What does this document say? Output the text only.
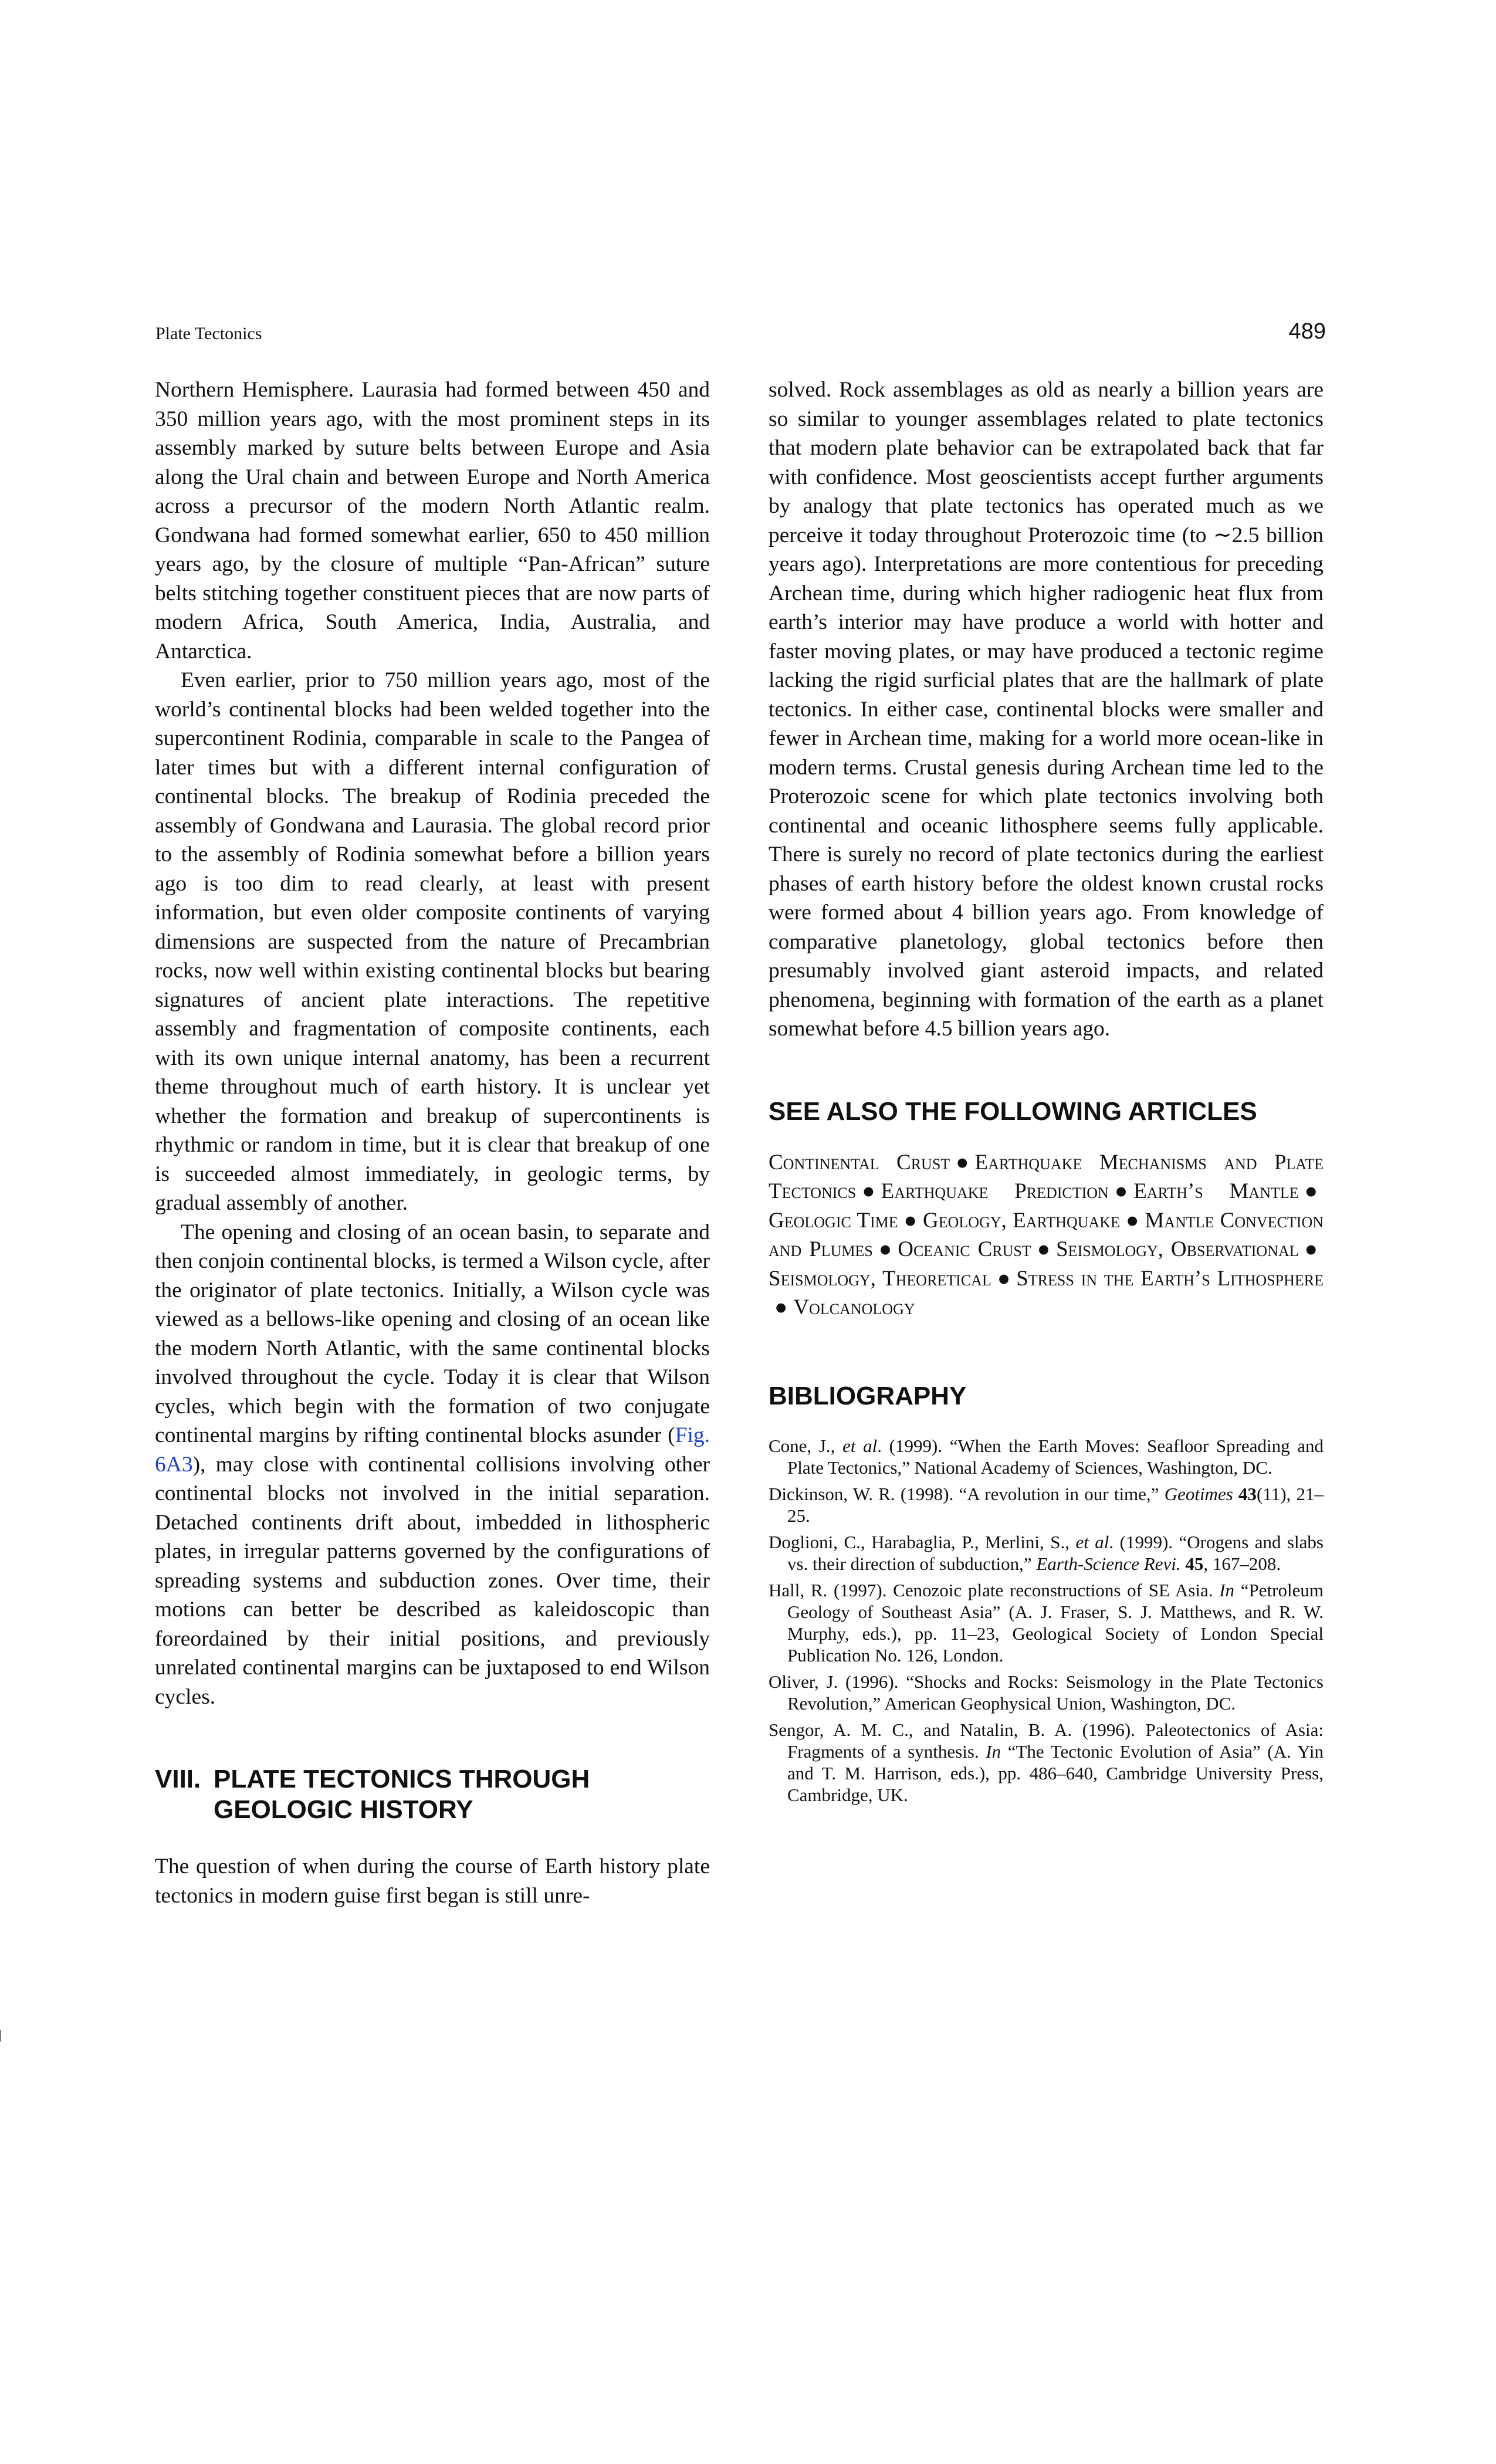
Plate Tectonics	489

Northern Hemisphere. Laurasia had formed between 450 and 350 million years ago, with the most prominent steps in its assembly marked by suture belts between Europe and Asia along the Ural chain and between Europe and North America across a precursor of the modern North Atlantic realm. Gondwana had formed somewhat earlier, 650 to 450 million years ago, by the closure of multiple “Pan-African” suture belts stitching together constituent pieces that are now parts of modern Africa, South America, India, Australia, and Antarctica.

Even earlier, prior to 750 million years ago, most of the world’s continental blocks had been welded together into the supercontinent Rodinia, comparable in scale to the Pangea of later times but with a different internal configuration of continental blocks. The breakup of Rodinia preceded the assembly of Gondwana and Laurasia. The global record prior to the assembly of Rodinia somewhat before a billion years ago is too dim to read clearly, at least with present information, but even older composite continents of varying dimensions are suspected from the nature of Precambrian rocks, now well within existing continental blocks but bearing signatures of ancient plate interactions. The repetitive assembly and fragmentation of composite continents, each with its own unique internal anatomy, has been a recurrent theme throughout much of earth history. It is unclear yet whether the formation and breakup of supercontinents is rhythmic or random in time, but it is clear that breakup of one is succeeded almost immediately, in geologic terms, by gradual assembly of another.

The opening and closing of an ocean basin, to separate and then conjoin continental blocks, is termed a Wilson cycle, after the originator of plate tectonics. Initially, a Wilson cycle was viewed as a bellows-like opening and closing of an ocean like the modern North Atlantic, with the same continental blocks involved throughout the cycle. Today it is clear that Wilson cycles, which begin with the formation of two conjugate continental margins by rifting continental blocks asunder (Fig. 6A3), may close with continental collisions involving other continental blocks not involved in the initial separation. Detached continents drift about, imbedded in lithospheric plates, in irregular patterns governed by the configurations of spreading systems and subduction zones. Over time, their motions can better be described as kaleidoscopic than foreordained by their initial positions, and previously unrelated continental margins can be juxtaposed to end Wilson cycles.

VIII. PLATE TECTONICS THROUGH
GEOLOGIC HISTORY

The question of when during the course of Earth history plate tectonics in modern guise first began is still unre-

solved. Rock assemblages as old as nearly a billion years are so similar to younger assemblages related to plate tectonics that modern plate behavior can be extrapolated back that far with confidence. Most geoscientists accept further arguments by analogy that plate tectonics has operated much as we perceive it today throughout Proterozoic time (to ∼2.5 billion years ago). Interpretations are more contentious for preceding Archean time, during which higher radiogenic heat flux from earth’s interior may have produce a world with hotter and faster moving plates, or may have produced a tectonic regime lacking the rigid surficial plates that are the hallmark of plate tectonics. In either case, continental blocks were smaller and fewer in Archean time, making for a world more ocean-like in modern terms. Crustal genesis during Archean time led to the Proterozoic scene for which plate tectonics involving both continental and oceanic lithosphere seems fully applicable. There is surely no record of plate tectonics during the earliest phases of earth history before the oldest known crustal rocks were formed about 4 billion years ago. From knowledge of comparative planetology, global tectonics before then presumably involved giant asteroid impacts, and related phenomena, beginning with formation of the earth as a planet somewhat before 4.5 billion years ago.

SEE ALSO THE FOLLOWING ARTICLES

Continental Crust ● Earthquake Mechanisms and Plate Tectonics ● Earthquake Prediction ● Earth’s Mantle ●Geologic Time ● Geology, Earthquake ● Mantle Convection and Plumes ● Oceanic Crust ● Seismology, Observational ●Seismology, Theoretical ● Stress in the Earth’s Lithosphere● Volcanology

BIBLIOGRAPHY
Cone, J., et al. (1999). “When the Earth Moves: Seafloor Spreading and Plate Tectonics,” National Academy of Sciences, Washington, DC.
Dickinson, W. R. (1998). “A revolution in our time,” Geotimes 43(11), 21–25.
Doglioni, C., Harabaglia, P., Merlini, S., et al. (1999). “Orogens and slabs vs. their direction of subduction,” Earth-Science Revi. 45, 167–208.
Hall, R. (1997). Cenozoic plate reconstructions of SE Asia. In “Petroleum Geology of Southeast Asia” (A. J. Fraser, S. J. Matthews, and R. W. Murphy, eds.), pp. 11–23, Geological Society of London Special Publication No. 126, London.
Oliver, J. (1996). “Shocks and Rocks: Seismology in the Plate Tectonics Revolution,” American Geophysical Union, Washington, DC.
Sengor, A. M. C., and Natalin, B. A. (1996). Paleotectonics of Asia: Fragments of a synthesis. In “The Tectonic Evolution of Asia” (A. Yin and T. M. Harrison, eds.), pp. 486–640, Cambridge University Press, Cambridge, UK.
